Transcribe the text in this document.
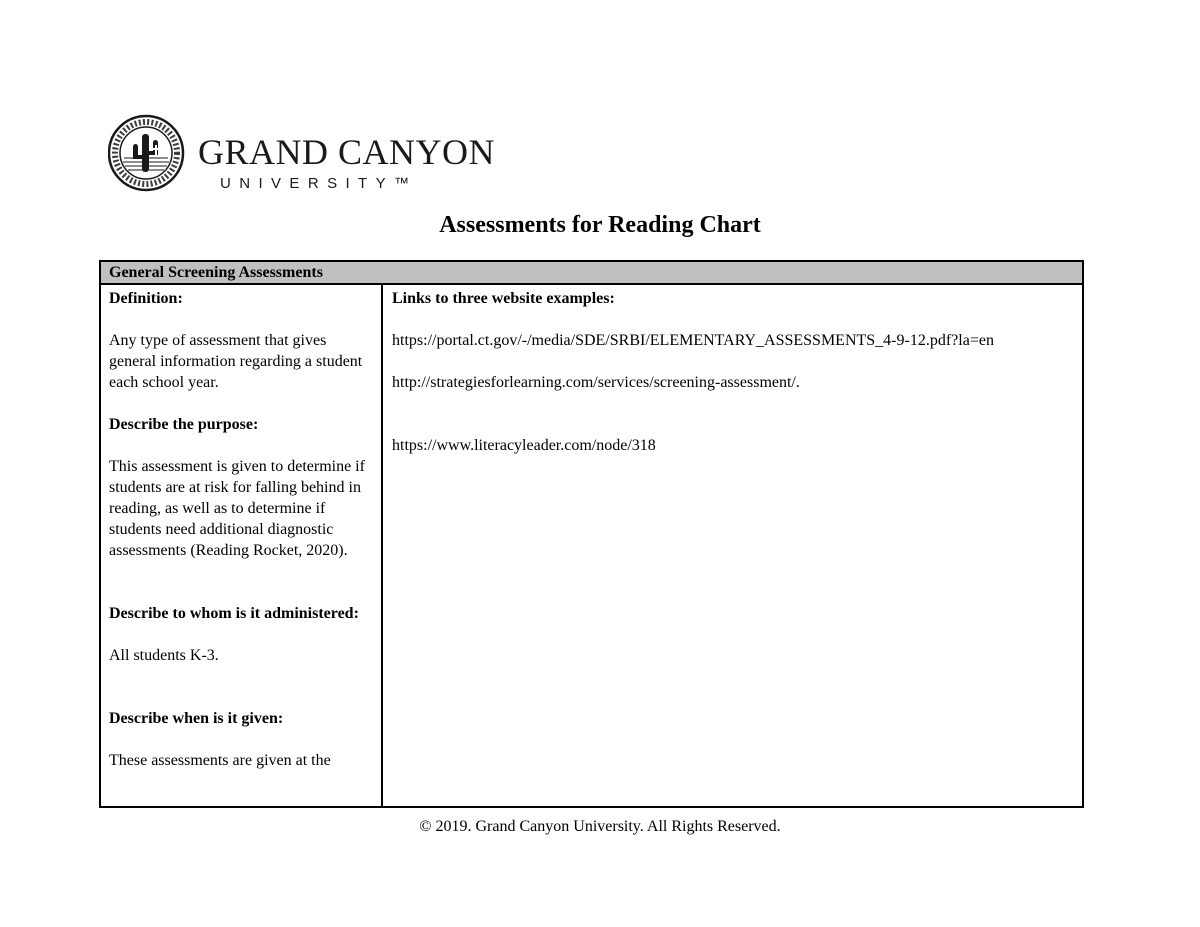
GRAND CANYON
UNIVERSITY™
Assessments for Reading Chart
General Screening Assessments

Definition:

Any type of assessment that gives general information regarding a student each school year.

Describe the purpose:

This assessment is given to determine if students are at risk for falling behind in reading, as well as to determine if students need additional diagnostic assessments (Reading Rocket, 2020).

Describe to whom is it administered:

All students K-3.

Describe when is it given:

These assessments are given at the

Links to three website examples:

https://portal.ct.gov/-/media/SDE/SRBI/ELEMENTARY_ASSESSMENTS_4-9-12.pdf?la=en

http://strategiesforlearning.com/services/screening-assessment/.

https://www.literacyleader.com/node/318

© 2019. Grand Canyon University. All Rights Reserved.
